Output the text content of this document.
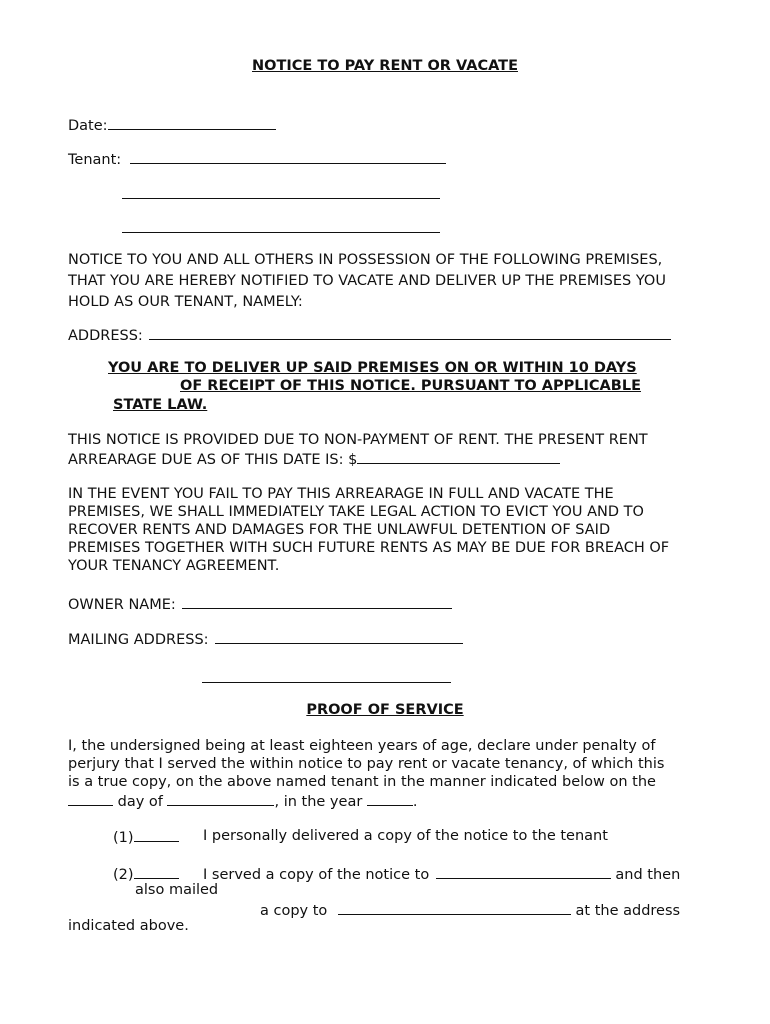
NOTICE TO PAY RENT OR VACATE
Date:
Tenant:
NOTICE TO YOU AND ALL OTHERS IN POSSESSION OF THE FOLLOWING PREMISES,
THAT YOU ARE HEREBY NOTIFIED TO VACATE AND DELIVER UP THE PREMISES YOU
HOLD AS OUR TENANT, NAMELY:
ADDRESS:
YOU ARE TO DELIVER UP SAID PREMISES ON OR WITHIN 10 DAYS
OF RECEIPT OF THIS NOTICE. PURSUANT TO APPLICABLE
STATE LAW.
THIS NOTICE IS PROVIDED DUE TO NON-PAYMENT OF RENT. THE PRESENT RENT
ARREARAGE DUE AS OF THIS DATE IS: $
IN THE EVENT YOU FAIL TO PAY THIS ARREARAGE IN FULL AND VACATE THE
PREMISES, WE SHALL IMMEDIATELY TAKE LEGAL ACTION TO EVICT YOU AND TO
RECOVER RENTS AND DAMAGES FOR THE UNLAWFUL DETENTION OF SAID
PREMISES TOGETHER WITH SUCH FUTURE RENTS AS MAY BE DUE FOR BREACH OF
YOUR TENANCY AGREEMENT.
OWNER NAME:
MAILING ADDRESS:
PROOF OF SERVICE
I, the undersigned being at least eighteen years of age, declare under penalty of
perjury that I served the within notice to pay rent or vacate tenancy, of which this
is a true copy, on the above named tenant in the manner indicated below on the
day of	, in the year	.
(1)	I personally delivered a copy of the notice to the tenant
(2)	I served a copy of the notice to	and then
also mailed
a copy to	at the address
indicated above.
